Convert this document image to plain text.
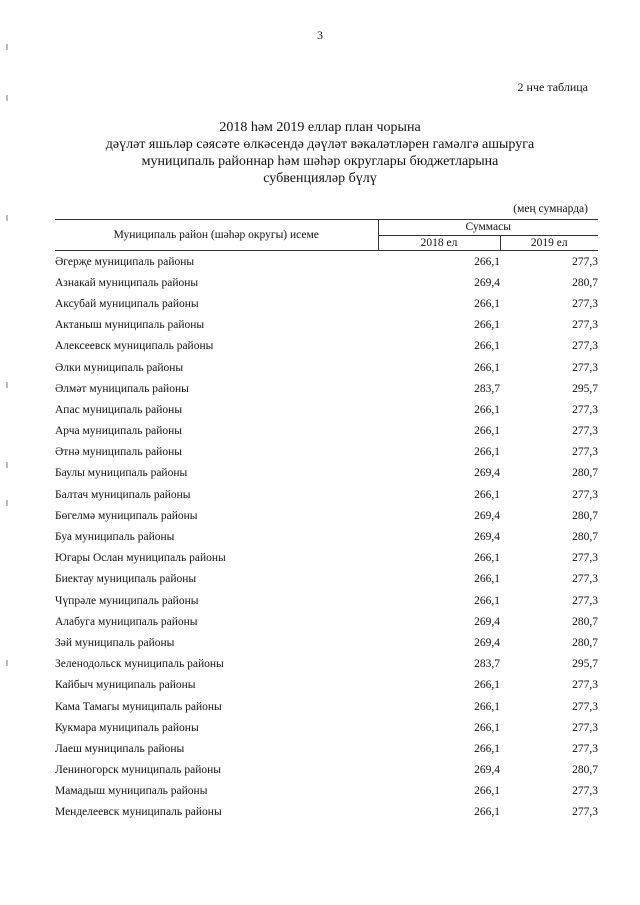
3
2 нче таблица
2018 һәм 2019 еллар план чорына
дәүләт яшьләр сәясәте өлкәсендә дәүләт вәкаләтләрен гамәлгә ашыруга
муниципаль районнар һәм шәһәр округлары бюджетларына
субвенцияләр бүлү
(мең сумнарда)
Муниципаль район (шәһәр округы) исеме	Суммасы	
	2018 ел	2019 ел
Әгерҗе муниципаль районы	266,1	277,3
Азнакай муниципаль районы	269,4	280,7
Аксубай муниципаль районы	266,1	277,3
Актаныш муниципаль районы	266,1	277,3
Алексеевск муниципаль районы	266,1	277,3
Әлки муниципаль районы	266,1	277,3
Әлмәт муниципаль районы	283,7	295,7
Апас муниципаль районы	266,1	277,3
Арча муниципаль районы	266,1	277,3
Әтнә муниципаль районы	266,1	277,3
Баулы муниципаль районы	269,4	280,7
Балтач муниципаль районы	266,1	277,3
Бөгелмә муниципаль районы	269,4	280,7
Буа муниципаль районы	269,4	280,7
Югары Ослан муниципаль районы	266,1	277,3
Биектау муниципаль районы	266,1	277,3
Чүпрәле муниципаль районы	266,1	277,3
Алабуга муниципаль районы	269,4	280,7
Зәй муниципаль районы	269,4	280,7
Зеленодольск муниципаль районы	283,7	295,7
Кайбыч муниципаль районы	266,1	277,3
Кама Тамагы муниципаль районы	266,1	277,3
Кукмара муниципаль районы	266,1	277,3
Лаеш муниципаль районы	266,1	277,3
Лениногорск муниципаль районы	269,4	280,7
Мамадыш муниципаль районы	266,1	277,3
Менделеевск муниципаль районы	266,1	277,3
